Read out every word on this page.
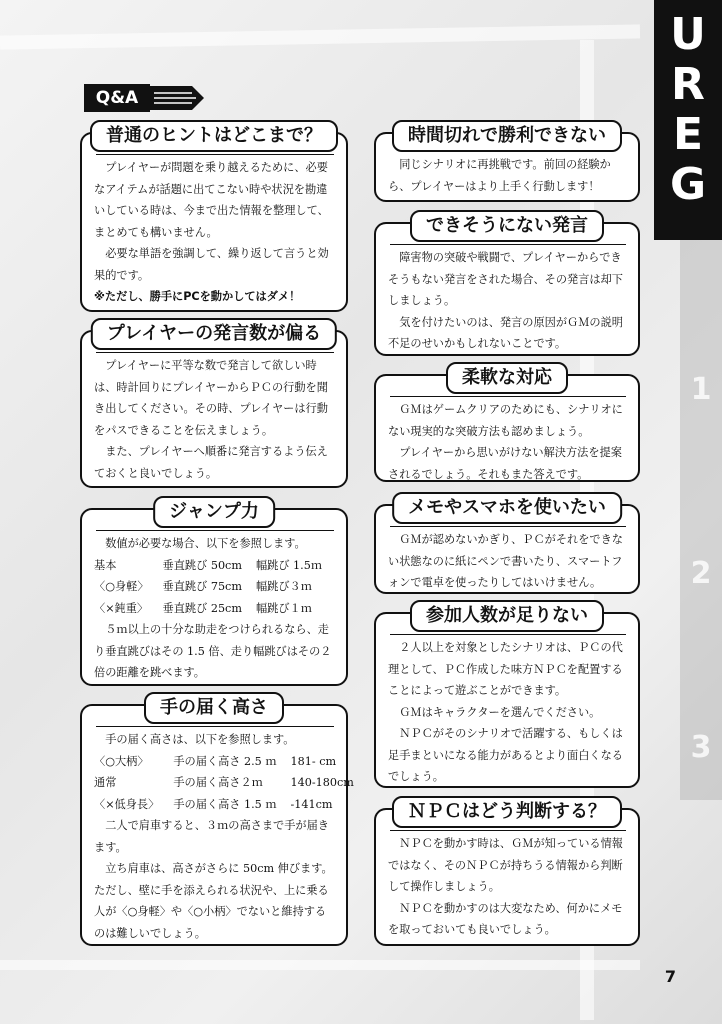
U
R
E
G
1
2
3
Q&A
普通のヒントはどこまで？

プレイヤーが問題を乗り越えるために、必要なアイテムが話題に出てこない時や状況を勘違いしている時は、今まで出た情報を整理して、まとめても構いません。

必要な単語を強調して、繰り返して言うと効果的です。

※ただし、勝手にPCを動かしてはダメ！

プレイヤーの発言数が偏る

プレイヤーに平等な数で発言して欲しい時は、時計回りにプレイヤーからＰＣの行動を聞き出してください。その時、プレイヤーは行動をパスできることを伝えましょう。

また、プレイヤーへ順番に発言するよう伝えておくと良いでしょう。

ジャンプ力

数値が必要な場合、以下を参照します。

基本	垂直跳び 50cm	幅跳び 1.5ｍ
〈○身軽〉	垂直跳び 75cm	幅跳び３ｍ
〈×鈍重〉	垂直跳び 25cm	幅跳び１ｍ

５ｍ以上の十分な助走をつけられるなら、走り垂直跳びはその 1.5 倍、走り幅跳びはその２倍の距離を跳べます。

手の届く高さ

手の届く高さは、以下を参照します。

〈○大柄〉	手の届く高さ 2.5 ｍ	181- cm
通常	手の届く高さ２ｍ	140-180cm
〈×低身長〉	手の届く高さ 1.5 ｍ	-141cm

二人で肩車すると、３ｍの高さまで手が届きます。

立ち肩車は、高さがさらに 50cm 伸びます。ただし、壁に手を添えられる状況や、上に乗る人が〈○身軽〉や〈○小柄〉でないと維持するのは難しいでしょう。

時間切れで勝利できない

同じシナリオに再挑戦です。前回の経験から、プレイヤーはより上手く行動します！

できそうにない発言

障害物の突破や戦闘で、プレイヤーからできそうもない発言をされた場合、その発言は却下しましょう。

気を付けたいのは、発言の原因がＧＭの説明不足のせいかもしれないことです。

柔軟な対応

ＧＭはゲームクリアのためにも、シナリオにない現実的な突破方法も認めましょう。

プレイヤーから思いがけない解決方法を提案されるでしょう。それもまた答えです。

メモやスマホを使いたい

ＧＭが認めないかぎり、ＰＣがそれをできない状態なのに紙にペンで書いたり、スマートフォンで電卓を使ったりしてはいけません。

参加人数が足りない

２人以上を対象としたシナリオは、ＰＣの代理として、ＰＣ作成した味方ＮＰＣを配置することによって遊ぶことができます。

ＧＭはキャラクターを選んでください。

ＮＰＣがそのシナリオで活躍する、もしくは足手まといになる能力があるとより面白くなるでしょう。

ＮＰＣはどう判断する？

ＮＰＣを動かす時は、ＧＭが知っている情報ではなく、そのＮＰＣが持ちうる情報から判断して操作しましょう。

ＮＰＣを動かすのは大変なため、何かにメモを取っておいても良いでしょう。

7
